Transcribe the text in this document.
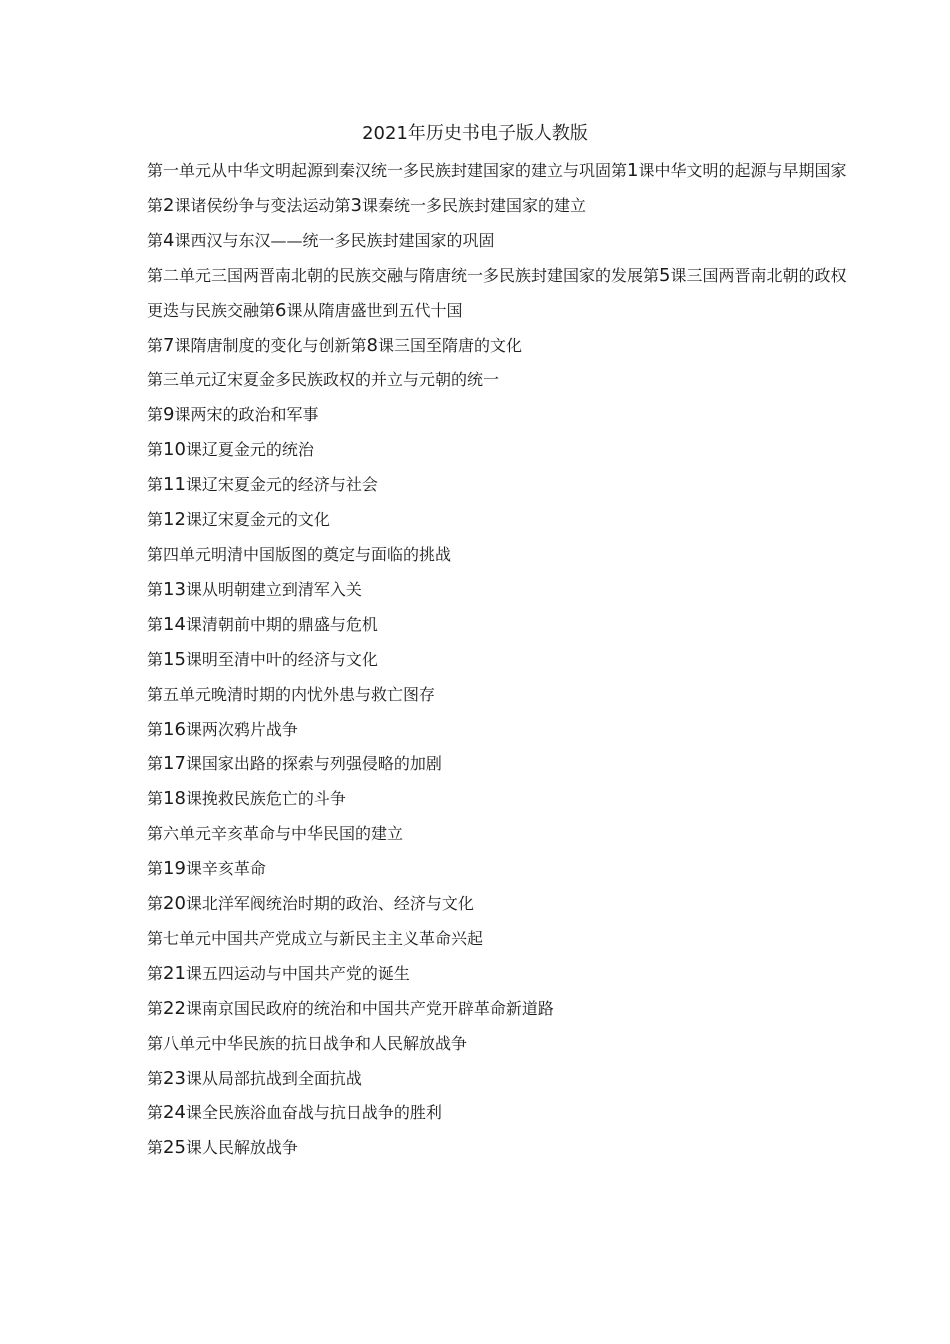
2021年历史书电子版人教版
第一单元从中华文明起源到秦汉统一多民族封建国家的建立与巩固第1课中华文明的起源与早期国家
第2课诸侯纷争与变法运动第3课秦统一多民族封建国家的建立
第4课西汉与东汉——统一多民族封建国家的巩固
第二单元三国两晋南北朝的民族交融与隋唐统一多民族封建国家的发展第5课三国两晋南北朝的政权更迭与民族交融第6课从隋唐盛世到五代十国
第7课隋唐制度的变化与创新第8课三国至隋唐的文化
第三单元辽宋夏金多民族政权的并立与元朝的统一
第9课两宋的政治和军事
第10课辽夏金元的统治
第11课辽宋夏金元的经济与社会
第12课辽宋夏金元的文化
第四单元明清中国版图的奠定与面临的挑战
第13课从明朝建立到清军入关
第14课清朝前中期的鼎盛与危机
第15课明至清中叶的经济与文化
第五单元晚清时期的内忧外患与救亡图存
第16课两次鸦片战争
第17课国家出路的探索与列强侵略的加剧
第18课挽救民族危亡的斗争
第六单元辛亥革命与中华民国的建立
第19课辛亥革命
第20课北洋军阀统治时期的政治、经济与文化
第七单元中国共产党成立与新民主主义革命兴起
第21课五四运动与中国共产党的诞生
第22课南京国民政府的统治和中国共产党开辟革命新道路
第八单元中华民族的抗日战争和人民解放战争
第23课从局部抗战到全面抗战
第24课全民族浴血奋战与抗日战争的胜利
第25课人民解放战争
